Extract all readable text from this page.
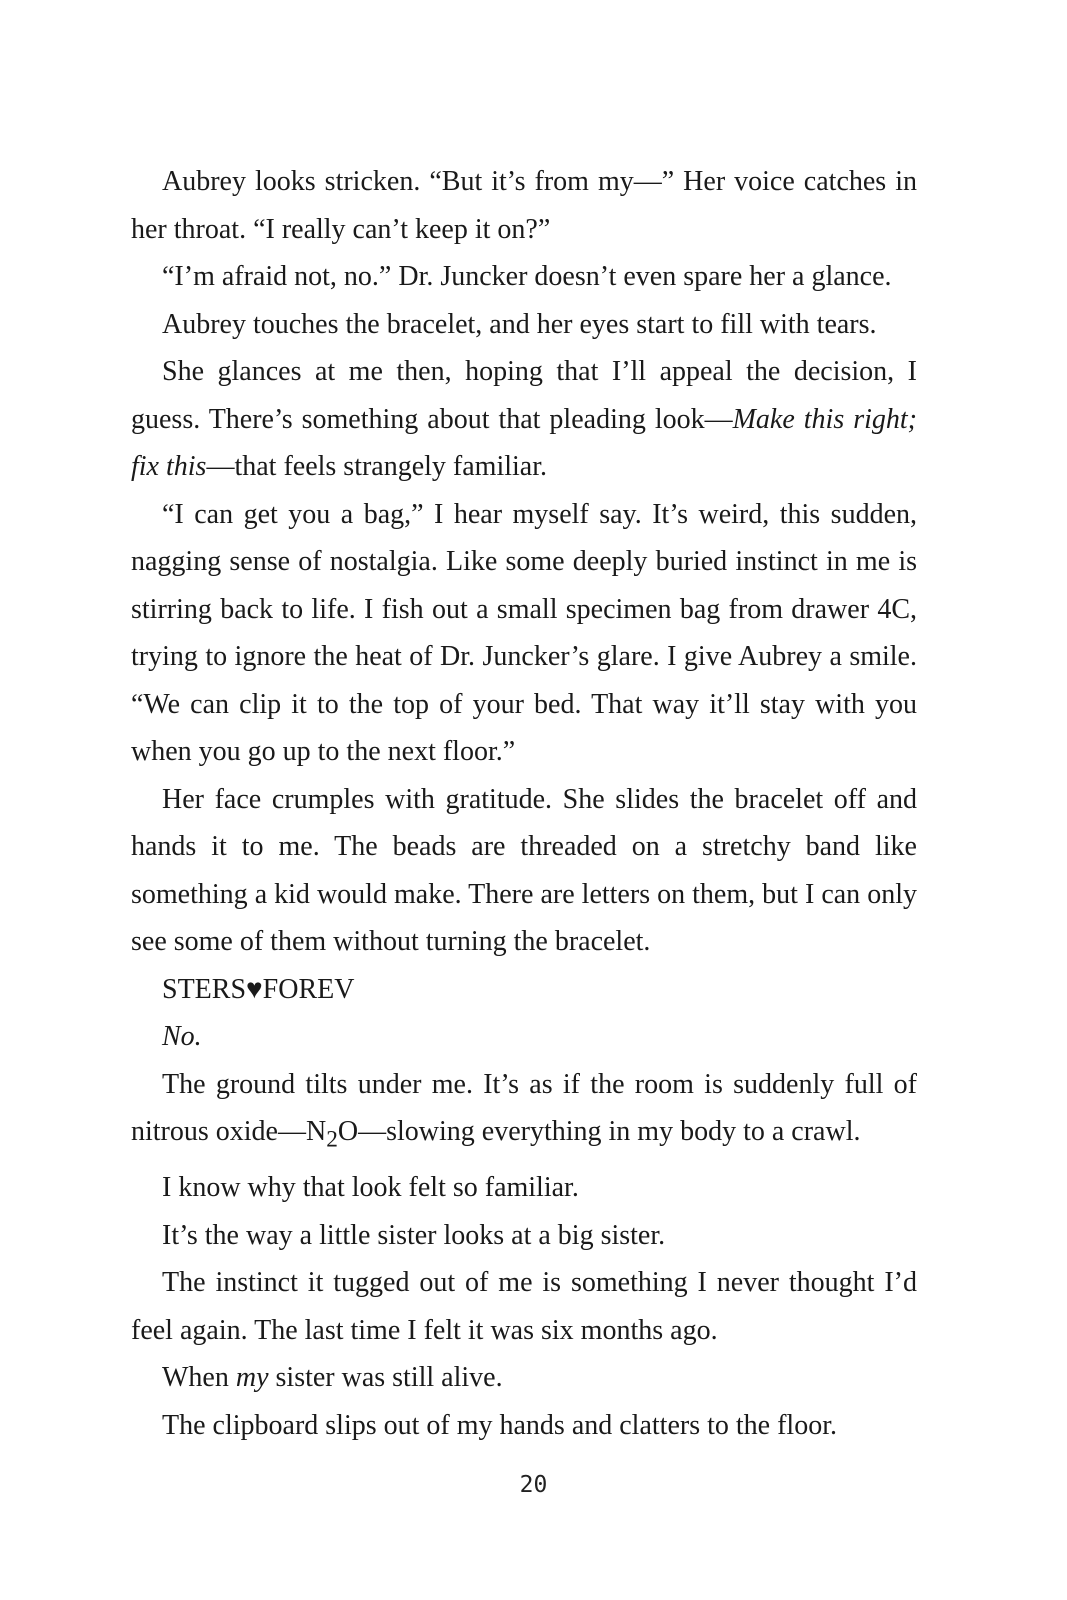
Aubrey looks stricken. “But it’s from my—” Her voice catches in her throat. “I really can’t keep it on?”

“I’m afraid not, no.” Dr. Juncker doesn’t even spare her a glance.

Aubrey touches the bracelet, and her eyes start to fill with tears.

She glances at me then, hoping that I’ll appeal the decision, I guess. There’s something about that pleading look—Make this right; fix this—that feels strangely familiar.

“I can get you a bag,” I hear myself say. It’s weird, this sudden, nagging sense of nostalgia. Like some deeply buried instinct in me is stirring back to life. I fish out a small specimen bag from drawer 4C, trying to ignore the heat of Dr. Juncker’s glare. I give Aubrey a smile. “We can clip it to the top of your bed. That way it’ll stay with you when you go up to the next floor.”

Her face crumples with gratitude. She slides the bracelet off and hands it to me. The beads are threaded on a stretchy band like something a kid would make. There are letters on them, but I can only see some of them without turning the bracelet.

STERS♥FOREV

No.

The ground tilts under me. It’s as if the room is suddenly full of nitrous $oxide—N_2O—slowing$ everything in my body to a crawl.

I know why that look felt so familiar.

It’s the way a little sister looks at a big sister.

The instinct it tugged out of me is something I never thought I’d feel again. The last time I felt it was six months ago.

When my sister was still alive.

The clipboard slips out of my hands and clatters to the floor.

20
